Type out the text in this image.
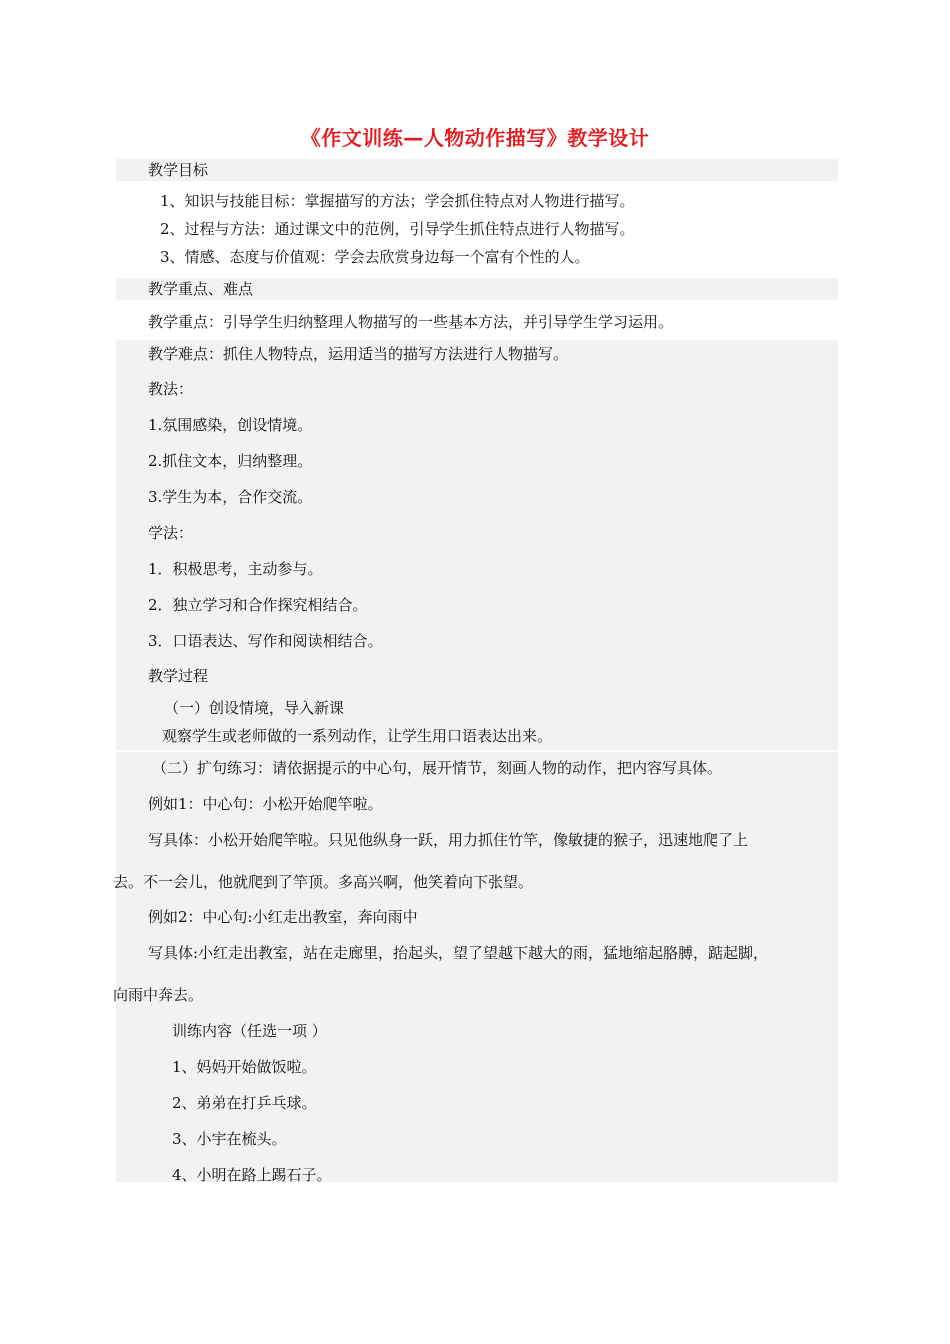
《作文训练—人物动作描写》教学设计
教学目标
1、知识与技能目标：掌握描写的方法；学会抓住特点对人物进行描写。
2、过程与方法：通过课文中的范例，引导学生抓住特点进行人物描写。
3、情感、态度与价值观：学会去欣赏身边每一个富有个性的人。
教学重点、难点
教学重点：引导学生归纳整理人物描写的一些基本方法，并引导学生学习运用。
教学难点：抓住人物特点，运用适当的描写方法进行人物描写。
教法：
1.氛围感染，创设情境。
2.抓住文本，归纳整理。
3.学生为本，合作交流。
学法：
1．积极思考，主动参与。
2．独立学习和合作探究相结合。
3．口语表达、写作和阅读相结合。
教学过程
（一）创设情境，导入新课
观察学生或老师做的一系列动作，让学生用口语表达出来。
（二）扩句练习：请依据提示的中心句，展开情节，刻画人物的动作，把内容写具体。
例如1：中心句：小松开始爬竿啦。
写具体：小松开始爬竿啦。只见他纵身一跃，用力抓住竹竿，像敏捷的猴子，迅速地爬了上
去。不一会儿，他就爬到了竿顶。多高兴啊，他笑着向下张望。
例如2：中心句:小红走出教室，奔向雨中
写具体:小红走出教室，站在走廊里，抬起头，望了望越下越大的雨，猛地缩起胳膊，踮起脚，
向雨中奔去。
训练内容（任选一项 ）
1、妈妈开始做饭啦。
2、弟弟在打乒乓球。
3、小宇在梳头。
4、小明在路上踢石子。
